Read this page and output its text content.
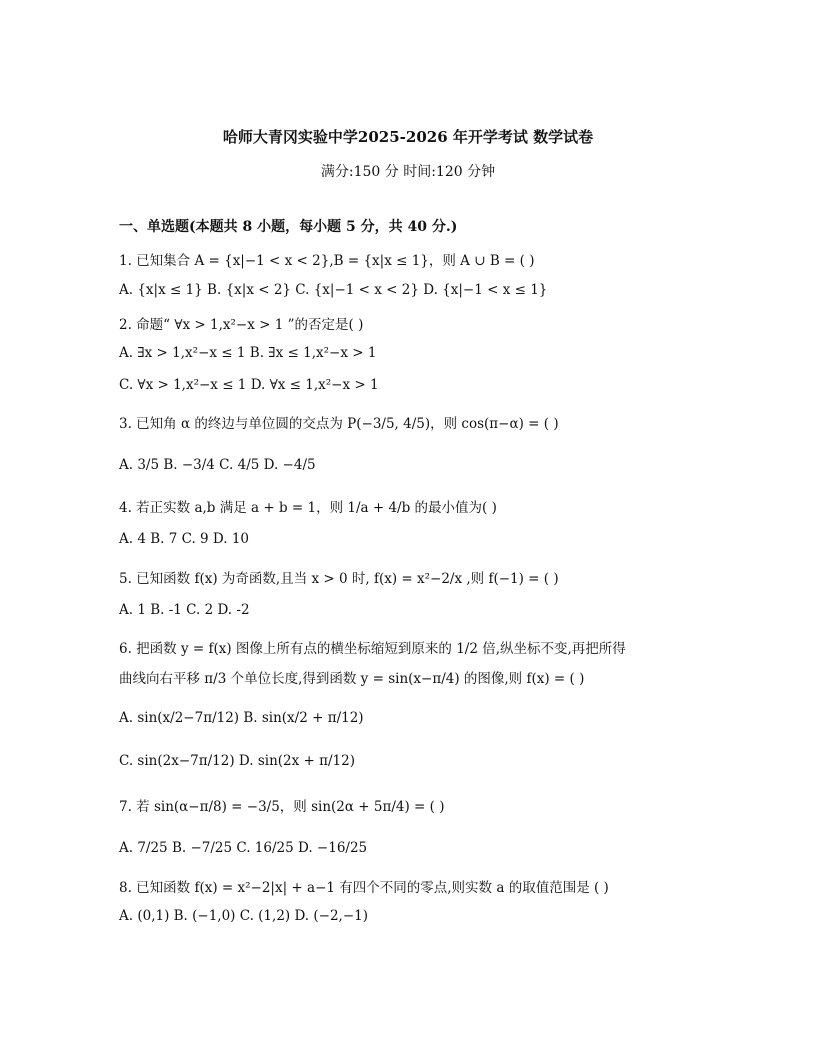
哈师大青冈实验中学2025-2026 年开学考试 数学试卷
满分:150 分 时间:120 分钟
一、单选题(本题共 8 小题，每小题 5 分，共 40 分.)
1. 已知集合 A = {x|−1 < x < 2},B = {x|x ≤ 1}，则 A ∪ B = ( )
A. {x|x ≤ 1} B. {x|x < 2} C. {x|−1 < x < 2} D. {x|−1 < x ≤ 1}
2. 命题“ ∀x > 1,x²−x > 1 ”的否定是( )
A. ∃x > 1,x²−x ≤ 1 B. ∃x ≤ 1,x²−x > 1
C. ∀x > 1,x²−x ≤ 1 D. ∀x ≤ 1,x²−x > 1
3. 已知角 α 的终边与单位圆的交点为 P(−3/5, 4/5)，则 cos(π−α) = ( )
A. 3/5 B. −3/4 C. 4/5 D. −4/5
4. 若正实数 a,b 满足 a + b = 1，则 1/a + 4/b 的最小值为( )
A. 4 B. 7 C. 9 D. 10
5. 已知函数 f(x) 为奇函数,且当 x > 0 时, f(x) = x²−2/x ,则 f(−1) = ( )
A. 1 B. -1 C. 2 D. -2
6. 把函数 y = f(x) 图像上所有点的横坐标缩短到原来的 1/2 倍,纵坐标不变,再把所得
曲线向右平移 π/3 个单位长度,得到函数 y = sin(x−π/4) 的图像,则 f(x) = ( )
A. sin(x/2−7π/12) B. sin(x/2 + π/12)
C. sin(2x−7π/12) D. sin(2x + π/12)
7. 若 sin(α−π/8) = −3/5，则 sin(2α + 5π/4) = ( )
A. 7/25 B. −7/25 C. 16/25 D. −16/25
8. 已知函数 f(x) = x²−2|x| + a−1 有四个不同的零点,则实数 a 的取值范围是 ( )
A. (0,1) B. (−1,0) C. (1,2) D. (−2,−1)
